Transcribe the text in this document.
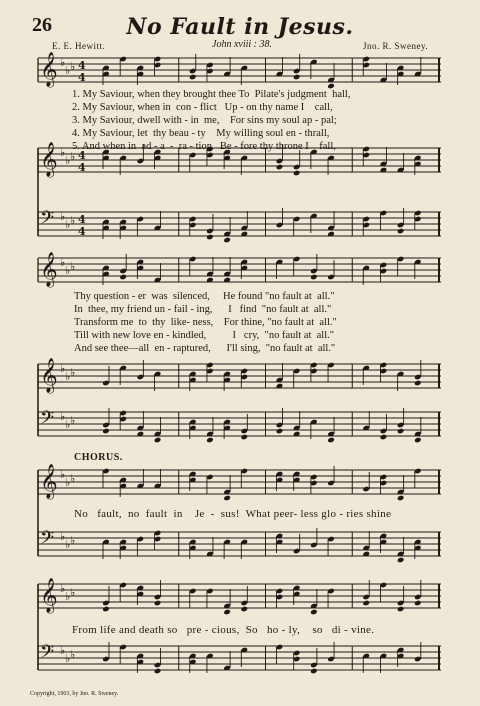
26	No Fault in Jesus.
E. E. Hewitt.	John xviii : 38.	Jno. R. Sweney.
𝄞 ♭
♭ ♭ 4
4
𝄞 ♭
♭ ♭ 4
4
𝄢 ♭
♭ ♭ 4
4
𝄞 ♭
♭ ♭
𝄞 ♭
♭ ♭
𝄢 ♭
♭ ♭
𝄞 ♭
♭ ♭
𝄢 ♭
♭ ♭
𝄞 ♭
♭ ♭
𝄢 ♭
♭ ♭
1. My Saviour, when they brought thee To  Pilate's judgment  hall,
2. My Saviour, when in  con - flict   Up - on thy name I    call,
3. My Saviour, dwell with - in  me,    For sins my soul ap - pal;
4. My Saviour, let  thy beau - ty    My willing soul en - thrall,
5. And when in  ad - a  -  ra - tion   Be - fore thy throne I    fall,
Thy question - er  was  silenced,     He found "no fault at  all."
In  thee, my friend un - fail - ing,      I   find  "no fault at  all."
Transform me  to  thy  like- ness,    For thine, "no fault at  all."
Till with new love en - kindled,          I   cry,  "no fault at  all."
And see thee—all  en - raptured,      I'll sing,  "no fault at  all."
CHORUS.
No   fault,  no  fault  in    Je  -  sus!  What peer- less glo - ries shine
From life and death so   pre - cious,  So   ho - ly,    so   di - vine.
Copyright, 1903, by Jno. R. Sweney.
